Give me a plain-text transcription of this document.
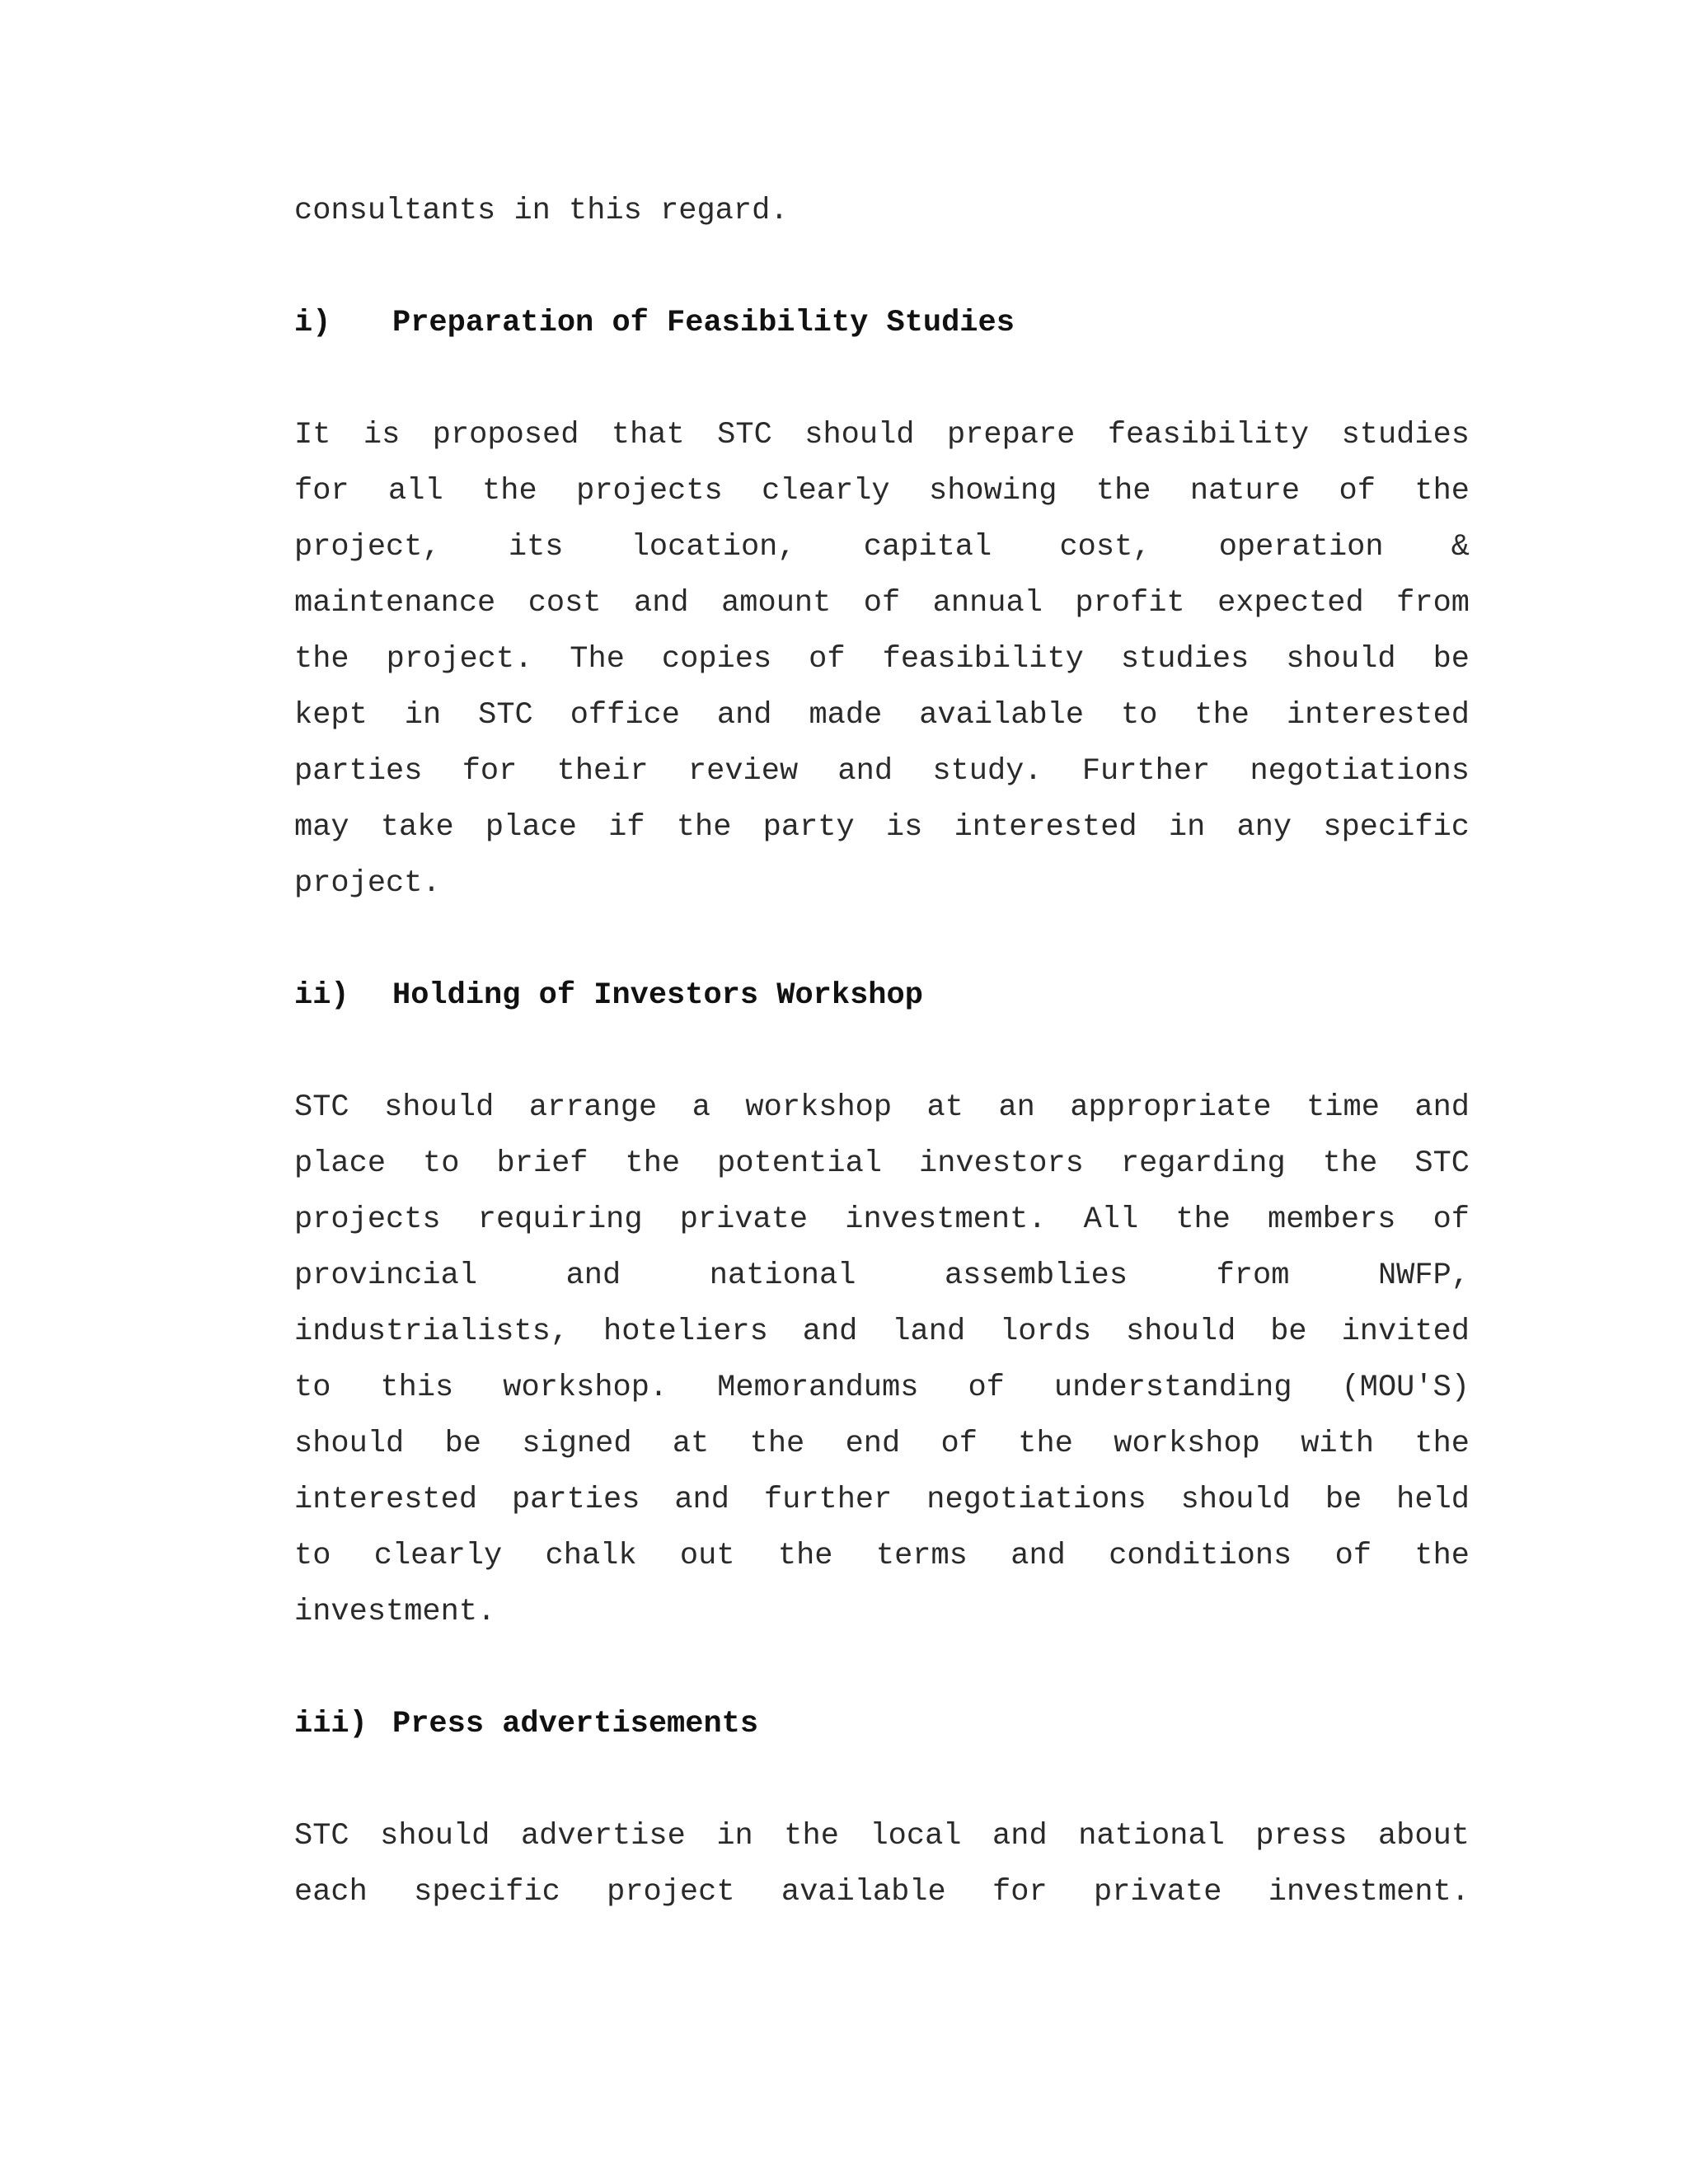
consultants in this regard.
i)	Preparation of Feasibility Studies
It is proposed that STC should prepare feasibility studies
for all the projects clearly showing the nature of the
project, its location, capital cost, operation &
maintenance cost and amount of annual profit expected from
the project. The copies of feasibility studies should be
kept in STC office and made available to the interested
parties for their review and study. Further negotiations
may take place if the party is interested in any specific
project.
ii)	Holding of Investors Workshop
STC should arrange a workshop at an appropriate time and
place to brief the potential investors regarding the STC
projects requiring private investment. All the members of
provincial and national assemblies from NWFP,
industrialists, hoteliers and land lords should be invited
to this workshop. Memorandums of understanding (MOU'S)
should be signed at the end of the workshop with the
interested parties and further negotiations should be held
to clearly chalk out the terms and conditions of the
investment.
iii) Press advertisements
STC should advertise in the local and national press about
each specific project available for private investment.
